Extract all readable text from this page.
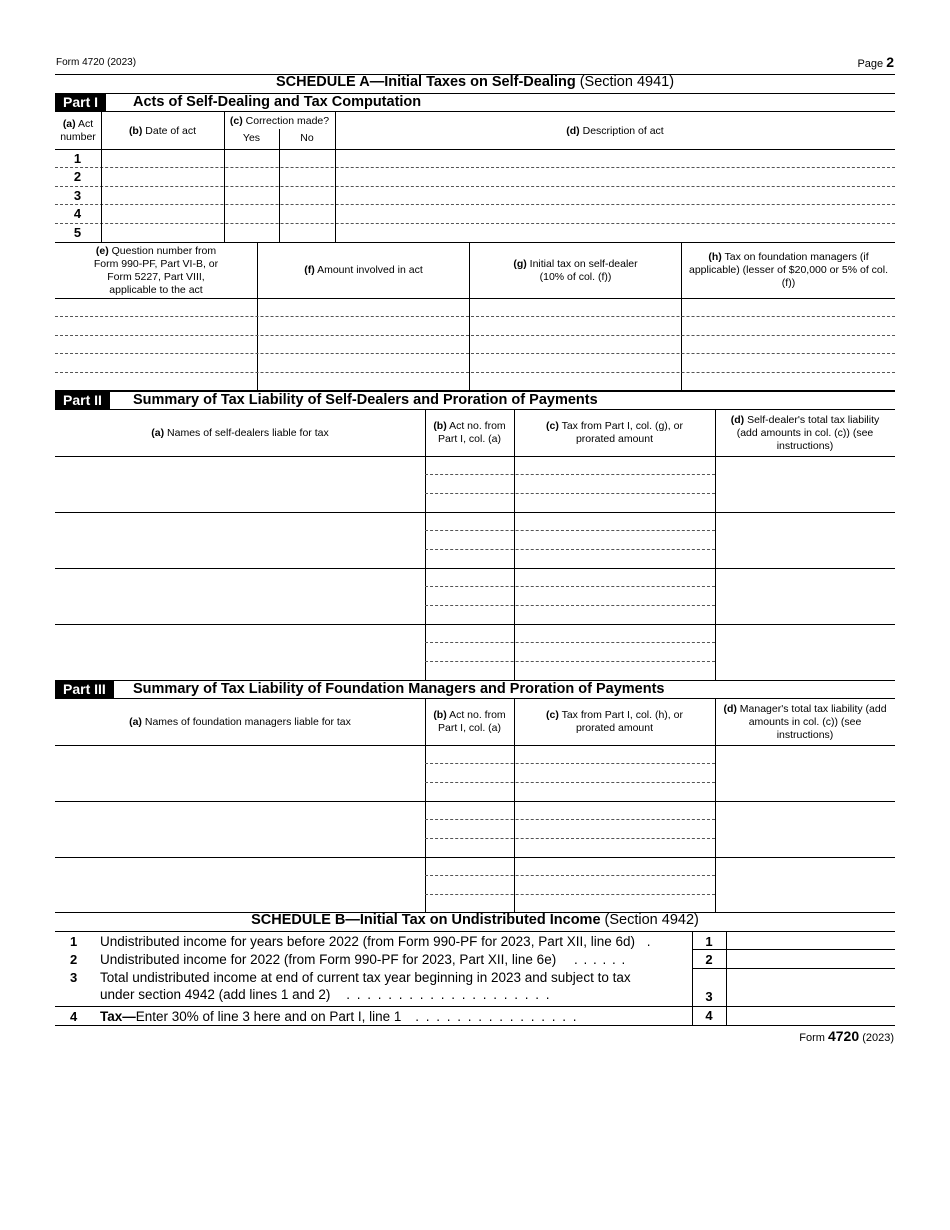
Form 4720 (2023)	Page 2
SCHEDULE A—Initial Taxes on Self-Dealing (Section 4941)
Part I	Acts of Self-Dealing and Tax Computation
(a) Act number
(b) Date of act
(c) Correction made?
Yes	No
(d) Description of act
1
2
3
4
5
(e) Question number from Form 990-PF, Part VI-B, or Form 5227, Part VIII, applicable to the act
(f) Amount involved in act
(g) Initial tax on self-dealer (10% of col. (f))
(h) Tax on foundation managers (if applicable) (lesser of $20,000 or 5% of col. (f))
Part II	Summary of Tax Liability of Self-Dealers and Proration of Payments
(a) Names of self-dealers liable for tax
(b) Act no. from Part I, col. (a)
(c) Tax from Part I, col. (g), or prorated amount
(d) Self-dealer's total tax liability (add amounts in col. (c)) (see instructions)
Part III	Summary of Tax Liability of Foundation Managers and Proration of Payments
(a) Names of foundation managers liable for tax
(b) Act no. from Part I, col. (a)
(c) Tax from Part I, col. (h), or prorated amount
(d) Manager's total tax liability (add amounts in col. (c)) (see instructions)
SCHEDULE B—Initial Tax on Undistributed Income (Section 4942)
1 Undistributed income for years before 2022 (from Form 990-PF for 2023, Part XII, line 6d) .	1
2 Undistributed income for 2022 (from Form 990-PF for 2023, Part XII, line 6e) . . . . . .	2
3 Total undistributed income at end of current tax year beginning in 2023 and subject to tax
under section 4942 (add lines 1 and 2) . . . . . . . . . . . . . . . . . . . .	3
4 Tax—Enter 30% of line 3 here and on Part I, line 1 . . . . . . . . . . . . . . . .	4
Form 4720 (2023)
